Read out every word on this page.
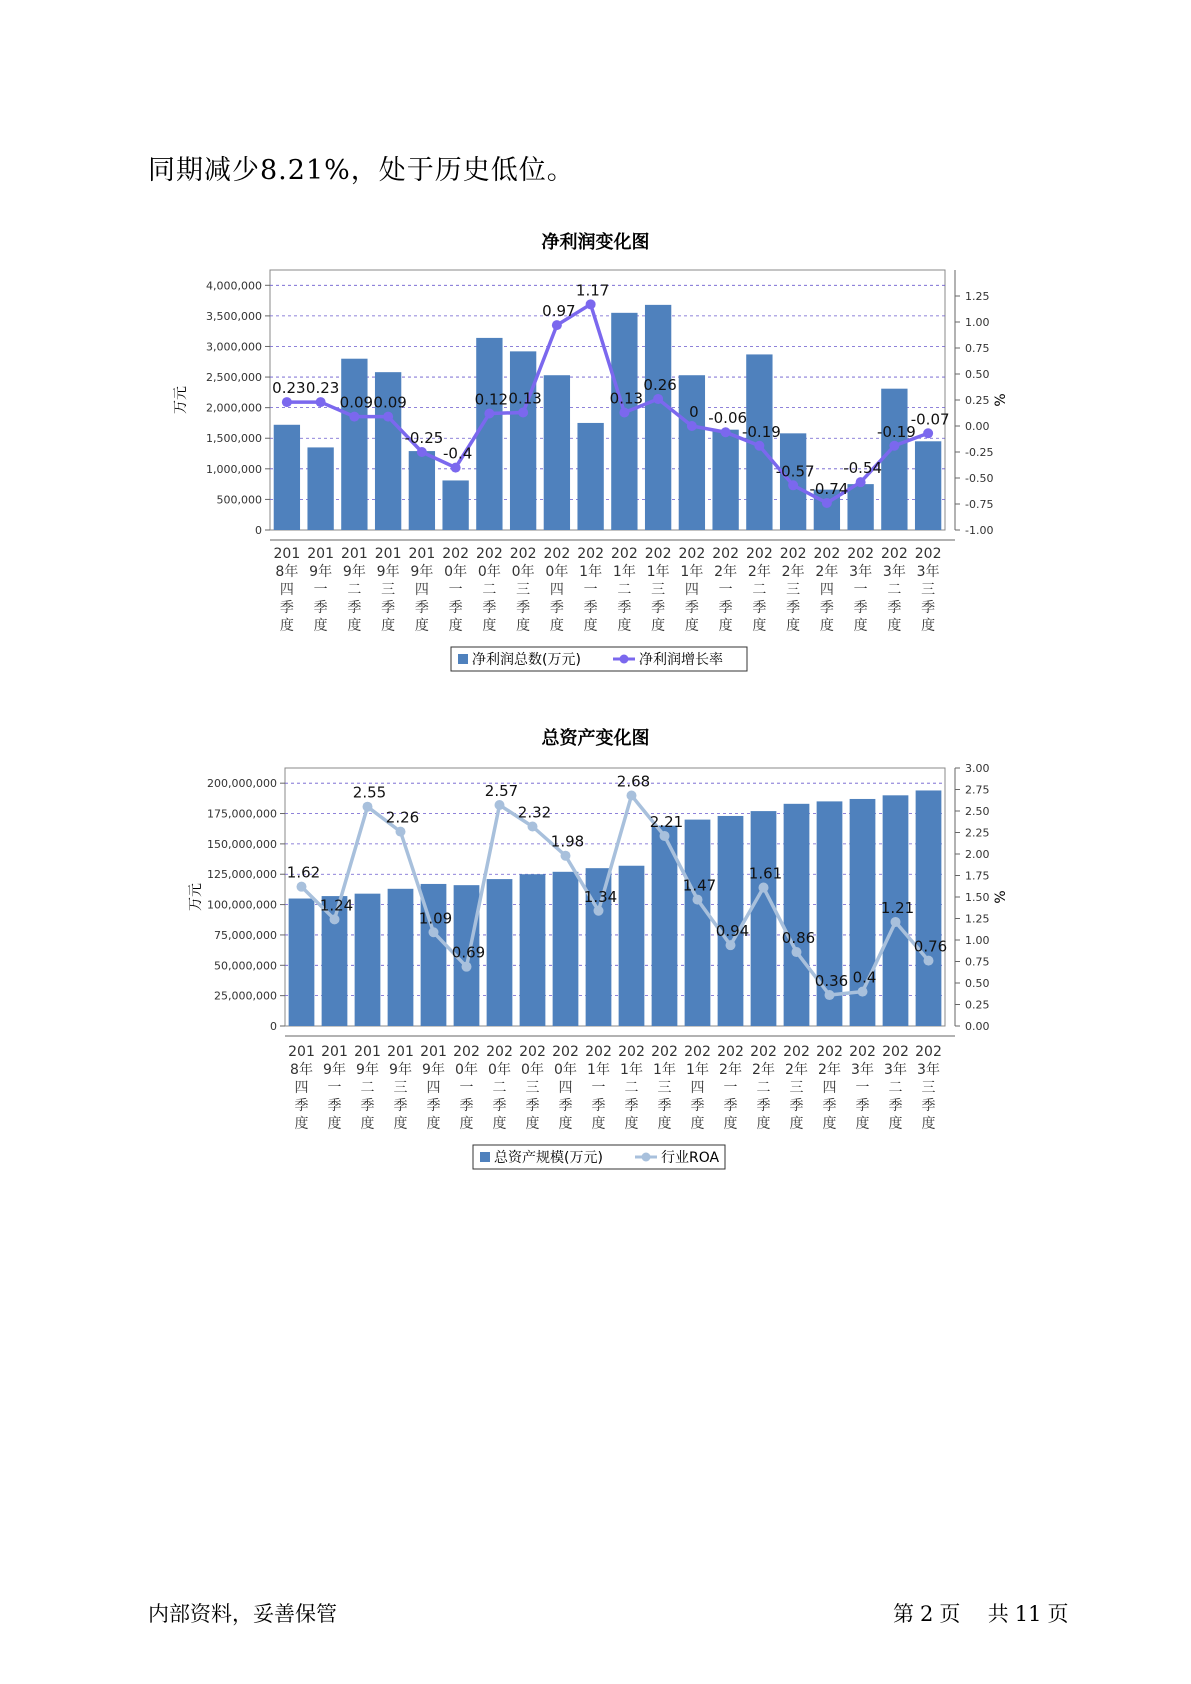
同期减少8.21%，处于历史低位。
净利润变化图
0
500,000
1,000,000
1,500,000
2,000,000
2,500,000
3,000,000
3,500,000
4,000,000
-1.00
-0.75
-0.50
-0.25
0.00
0.25
0.50
0.75
1.00
1.25
万元	%
201
8年
四
季
度
201
9年
一
季
度
201
9年
二
季
度
201
9年
三
季
度
201
9年
四
季
度
202
0年
一
季
度
202
0年
二
季
度
202
0年
三
季
度
202
0年
四
季
度
202
1年
一
季
度
202
1年
二
季
度
202
1年
三
季
度
202
1年
四
季
度
202
2年
一
季
度
202
2年
二
季
度
202
2年
三
季
度
202
2年
四
季
度
202
3年
一
季
度
202
3年
二
季
度
202
3年
三
季
度
0.23 0.23
0.09 0.09
-0.25
-0.4
0.12 0.13
0.97
1.17
0.13
0.26
0 -0.06
-0.19
-0.57
-0.74
-0.54
-0.19
-0.07
净利润总数(万元)	净利润增长率
总资产变化图
0
25,000,000
50,000,000
75,000,000
100,000,000
125,000,000
150,000,000
175,000,000
200,000,000
0.00
0.25
0.50
0.75
1.00
1.25
1.50
1.75
2.00
2.25
2.50
2.75
3.00
万元	%
201
8年
四
季
度
201
9年
一
季
度
201
9年
二
季
度
201
9年
三
季
度
201
9年
四
季
度
202
0年
一
季
度
202
0年
二
季
度
202
0年
三
季
度
202
0年
四
季
度
202
1年
一
季
度
202
1年
二
季
度
202
1年
三
季
度
202
1年
四
季
度
202
2年
一
季
度
202
2年
二
季
度
202
2年
三
季
度
202
2年
四
季
度
202
3年
一
季
度
202
3年
二
季
度
202
3年
三
季
度
1.62
1.24
2.55
2.26
1.09
0.69
2.57
2.32
1.98
1.34
2.68
2.21
1.47
0.94
1.61
0.86
0.36 0.4
1.21
0.76
总资产规模(万元)	行业ROA
内部资料，妥善保管	第 2 页 共 11 页
